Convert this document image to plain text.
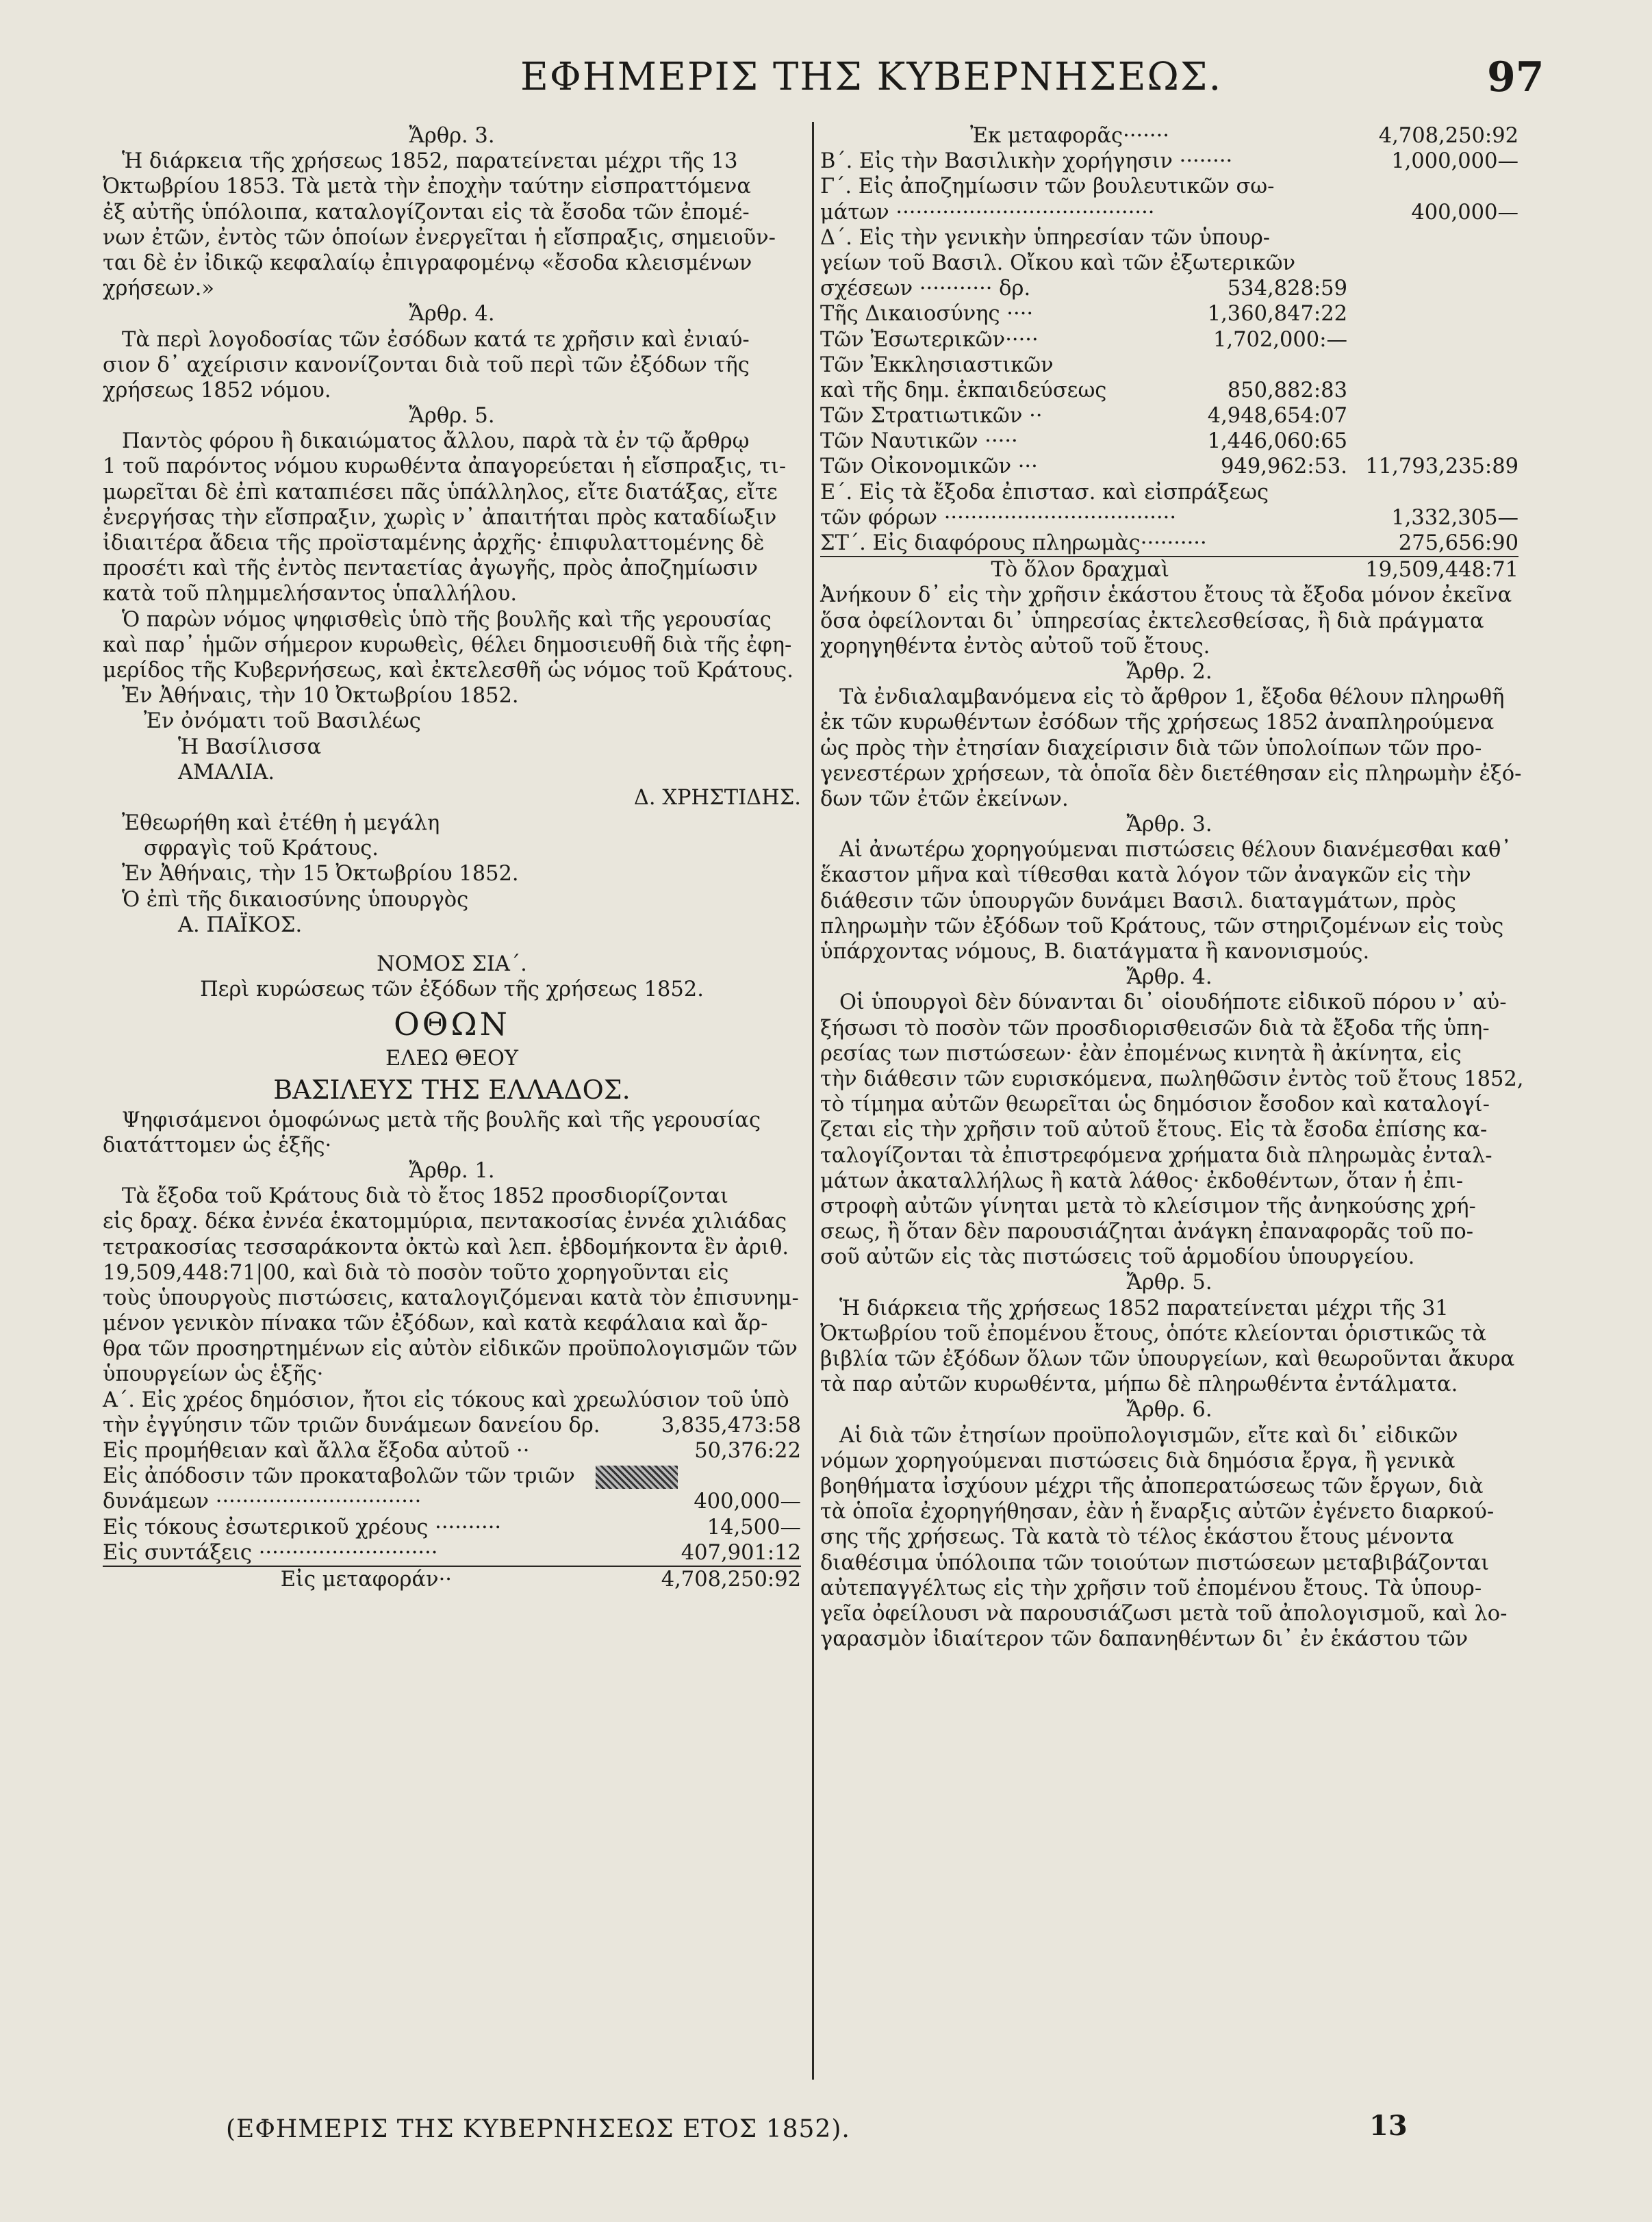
ΕΦΗΜΕΡΙΣ ΤΗΣ ΚΥΒΕΡΝΗΣΕΩΣ.	97
Ἄρθρ. 3.
Ἡ διάρκεια τῆς χρήσεως 1852, παρατείνεται μέχρι τῆς 13
Ὀκτωβρίου 1853. Τὰ μετὰ τὴν ἐποχὴν ταύτην εἰσπραττόμενα
ἐξ αὐτῆς ὑπόλοιπα, καταλογίζονται εἰς τὰ ἔσοδα τῶν ἐπομέ-
νων ἐτῶν, ἐντὸς τῶν ὁποίων ἐνεργεῖται ἡ εἴσπραξις, σημειοῦν-
ται δὲ ἐν ἰδικῷ κεφαλαίῳ ἐπιγραφομένῳ «ἔσοδα κλεισμένων
χρήσεων.»
Ἄρθρ. 4.
Τὰ περὶ λογοδοσίας τῶν ἐσόδων κατά τε χρῆσιν καὶ ἐνιαύ-
σιον δ᾽ αχείρισιν κανονίζονται διὰ τοῦ περὶ τῶν ἐξόδων τῆς
χρήσεως 1852 νόμου.
Ἄρθρ. 5.
Παντὸς φόρου ἢ δικαιώματος ἄλλου, παρὰ τὰ ἐν τῷ ἄρθρῳ
1 τοῦ παρόντος νόμου κυρωθέντα ἀπαγορεύεται ἡ εἴσπραξις, τι-
μωρεῖται δὲ ἐπὶ καταπιέσει πᾶς ὑπάλληλος, εἴτε διατάξας, εἴτε
ἐνεργήσας τὴν εἴσπραξιν, χωρὶς ν᾽ ἀπαιτήται πρὸς καταδίωξιν
ἰδιαιτέρα ἄδεια τῆς προϊσταμένης ἀρχῆς· ἐπιφυλαττομένης δὲ
προσέτι καὶ τῆς ἐντὸς πενταετίας ἀγωγῆς, πρὸς ἀποζημίωσιν
κατὰ τοῦ πλημμελήσαντος ὑπαλλήλου.
Ὁ παρὼν νόμος ψηφισθεὶς ὑπὸ τῆς βουλῆς καὶ τῆς γερουσίας
καὶ παρ᾽ ἡμῶν σήμερον κυρωθεὶς, θέλει δημοσιευθῆ διὰ τῆς ἐφη-
μερίδος τῆς Κυβερνήσεως, καὶ ἐκτελεσθῆ ὡς νόμος τοῦ Κράτους.
Ἐν Ἀθήναις, τὴν 10 Ὀκτωβρίου 1852.
Ἐν ὀνόματι τοῦ Βασιλέως
Ἡ Βασίλισσα
ΑΜΑΛΙΑ.
Δ. ΧΡΗΣΤΙΔΗΣ.
Ἐθεωρήθη καὶ ἐτέθη ἡ μεγάλη
σφραγὶς τοῦ Κράτους.
Ἐν Ἀθήναις, τὴν 15 Ὀκτωβρίου 1852.
Ὁ ἐπὶ τῆς δικαιοσύνης ὑπουργὸς
Α. ΠΑΪΚΟΣ.
ΝΟΜΟΣ ΣΙΑ΄.
Περὶ κυρώσεως τῶν ἐξόδων τῆς χρήσεως 1852.
ΟΘΩΝ
ΕΛΕΩ ΘΕΟΥ
ΒΑΣΙΛΕΥΣ ΤΗΣ ΕΛΛΑΔΟΣ.
Ψηφισάμενοι ὁμοφώνως μετὰ τῆς βουλῆς καὶ τῆς γερουσίας
διατάττομεν ὡς ἑξῆς·
Ἄρθρ. 1.
Τὰ ἔξοδα τοῦ Κράτους διὰ τὸ ἔτος 1852 προσδιορίζονται
εἰς δραχ. δέκα ἐννέα ἑκατομμύρια, πεντακοσίας ἐννέα χιλιάδας
τετρακοσίας τεσσαράκοντα ὀκτὼ καὶ λεπ. ἑβδομήκοντα ἓν ἀριθ.
19,509,448:71|00, καὶ διὰ τὸ ποσὸν τοῦτο χορηγοῦνται εἰς
τοὺς ὑπουργοὺς πιστώσεις, καταλογιζόμεναι κατὰ τὸν ἐπισυνημ-
μένον γενικὸν πίνακα τῶν ἐξόδων, καὶ κατὰ κεφάλαια καὶ ἄρ-
θρα τῶν προσηρτημένων εἰς αὐτὸν εἰδικῶν προϋπολογισμῶν τῶν
ὑπουργείων ὡς ἑξῆς·
Α΄. Εἰς χρέος δημόσιον, ἤτοι εἰς τόκους καὶ χρεωλύσιον τοῦ ὑπὸ
τὴν ἐγγύησιν τῶν τριῶν δυνάμεων δανείου δρ.	3,835,473:58
Εἰς προμήθειαν καὶ ἄλλα ἔξοδα αὐτοῦ ··	50,376:22
Εἰς ἀπόδοσιν τῶν προκαταβολῶν τῶν τριῶν
δυνάμεων ·······························	400,000—
Εἰς τόκους ἐσωτερικοῦ χρέους ··········	14,500—
Εἰς συντάξεις ···························	407,901:12
Εἰς μεταφοράν··	4,708,250:92
Ἐκ μεταφορᾶς·······	4,708,250:92
Β΄. Εἰς τὴν Βασιλικὴν χορήγησιν ········	1,000,000—
Γ΄. Εἰς ἀποζημίωσιν τῶν βουλευτικῶν σω-
μάτων ·······································	400,000—
Δ΄. Εἰς τὴν γενικὴν ὑπηρεσίαν τῶν ὑπουρ-
γείων τοῦ Βασιλ. Οἴκου καὶ τῶν ἐξωτερικῶν
σχέσεων ··········· δρ.	534,828:59
Τῆς Δικαιοσύνης ····	1,360,847:22
Τῶν Ἐσωτερικῶν·····	1,702,000:—
Τῶν Ἐκκλησιαστικῶν
καὶ τῆς δημ. ἐκπαιδεύσεως	850,882:83
Τῶν Στρατιωτικῶν ··	4,948,654:07
Τῶν Ναυτικῶν ·····	1,446,060:65
Τῶν Οἰκονομικῶν ···	949,962:53. 11,793,235:89
Ε΄. Εἰς τὰ ἔξοδα ἐπιστασ. καὶ εἰσπράξεως
τῶν φόρων ···································	1,332,305—
ΣΤ΄. Εἰς διαφόρους πληρωμὰς··········	275,656:90
Τὸ ὅλον δραχμαὶ	19,509,448:71
Ἀνήκουν δ᾽ εἰς τὴν χρῆσιν ἑκάστου ἔτους τὰ ἔξοδα μόνον ἐκεῖνα
ὅσα ὀφείλονται δι᾽ ὑπηρεσίας ἐκτελεσθείσας, ἢ διὰ πράγματα
χορηγηθέντα ἐντὸς αὐτοῦ τοῦ ἔτους.
Ἄρθρ. 2.
Τὰ ἐνδιαλαμβανόμενα εἰς τὸ ἄρθρον 1, ἔξοδα θέλουν πληρωθῆ
ἐκ τῶν κυρωθέντων ἐσόδων τῆς χρήσεως 1852 ἀναπληρούμενα
ὡς πρὸς τὴν ἐτησίαν διαχείρισιν διὰ τῶν ὑπολοίπων τῶν προ-
γενεστέρων χρήσεων, τὰ ὁποῖα δὲν διετέθησαν εἰς πληρωμὴν ἐξό-
δων τῶν ἐτῶν ἐκείνων.
Ἄρθρ. 3.
Αἱ ἀνωτέρω χορηγούμεναι πιστώσεις θέλουν διανέμεσθαι καθ᾽
ἕκαστον μῆνα καὶ τίθεσθαι κατὰ λόγον τῶν ἀναγκῶν εἰς τὴν
διάθεσιν τῶν ὑπουργῶν δυνάμει Βασιλ. διαταγμάτων, πρὸς
πληρωμὴν τῶν ἐξόδων τοῦ Κράτους, τῶν στηριζομένων εἰς τοὺς
ὑπάρχοντας νόμους, Β. διατάγματα ἢ κανονισμούς.
Ἄρθρ. 4.
Οἱ ὑπουργοὶ δὲν δύνανται δι᾽ οἱουδήποτε εἰδικοῦ πόρου ν᾽ αὐ-
ξήσωσι τὸ ποσὸν τῶν προσδιορισθεισῶν διὰ τὰ ἔξοδα τῆς ὑπη-
ρεσίας των πιστώσεων· ἐὰν ἐπομένως κινητὰ ἢ ἀκίνητα, εἰς
τὴν διάθεσιν τῶν ευρισκόμενα, πωληθῶσιν ἐντὸς τοῦ ἔτους 1852,
τὸ τίμημα αὐτῶν θεωρεῖται ὡς δημόσιον ἔσοδον καὶ καταλογί-
ζεται εἰς τὴν χρῆσιν τοῦ αὐτοῦ ἔτους. Εἰς τὰ ἔσοδα ἐπίσης κα-
ταλογίζονται τὰ ἐπιστρεφόμενα χρήματα διὰ πληρωμὰς ἐνταλ-
μάτων ἀκαταλλήλως ἢ κατὰ λάθος· ἐκδοθέντων, ὅταν ἡ ἐπι-
στροφὴ αὐτῶν γίνηται μετὰ τὸ κλείσιμον τῆς ἀνηκούσης χρή-
σεως, ἢ ὅταν δὲν παρουσιάζηται ἀνάγκη ἐπαναφορᾶς τοῦ πο-
σοῦ αὐτῶν εἰς τὰς πιστώσεις τοῦ ἁρμοδίου ὑπουργείου.
Ἄρθρ. 5.
Ἡ διάρκεια τῆς χρήσεως 1852 παρατείνεται μέχρι τῆς 31
Ὀκτωβρίου τοῦ ἐπομένου ἔτους, ὁπότε κλείονται ὁριστικῶς τὰ
βιβλία τῶν ἐξόδων ὅλων τῶν ὑπουργείων, καὶ θεωροῦνται ἄκυρα
τὰ παρ αὐτῶν κυρωθέντα, μήπω δὲ πληρωθέντα ἐντάλματα.
Ἄρθρ. 6.
Αἱ διὰ τῶν ἐτησίων προϋπολογισμῶν, εἴτε καὶ δι᾽ εἰδικῶν
νόμων χορηγούμεναι πιστώσεις διὰ δημόσια ἔργα, ἢ γενικὰ
βοηθήματα ἰσχύουν μέχρι τῆς ἀποπερατώσεως τῶν ἔργων, διὰ
τὰ ὁποῖα ἐχορηγήθησαν, ἐὰν ἡ ἔναρξις αὐτῶν ἐγένετο διαρκού-
σης τῆς χρήσεως. Τὰ κατὰ τὸ τέλος ἑκάστου ἔτους μένοντα
διαθέσιμα ὑπόλοιπα τῶν τοιούτων πιστώσεων μεταβιβάζονται
αὐτεπαγγέλτως εἰς τὴν χρῆσιν τοῦ ἐπομένου ἔτους. Τὰ ὑπουρ-
γεῖα ὀφείλουσι νὰ παρουσιάζωσι μετὰ τοῦ ἀπολογισμοῦ, καὶ λο-
γαρασμὸν ἰδιαίτερον τῶν δαπανηθέντων δι᾽ ἐν ἑκάστου τῶν
(ΕΦΗΜΕΡΙΣ ΤΗΣ ΚΥΒΕΡΝΗΣΕΩΣ ΕΤΟΣ 1852).	13
